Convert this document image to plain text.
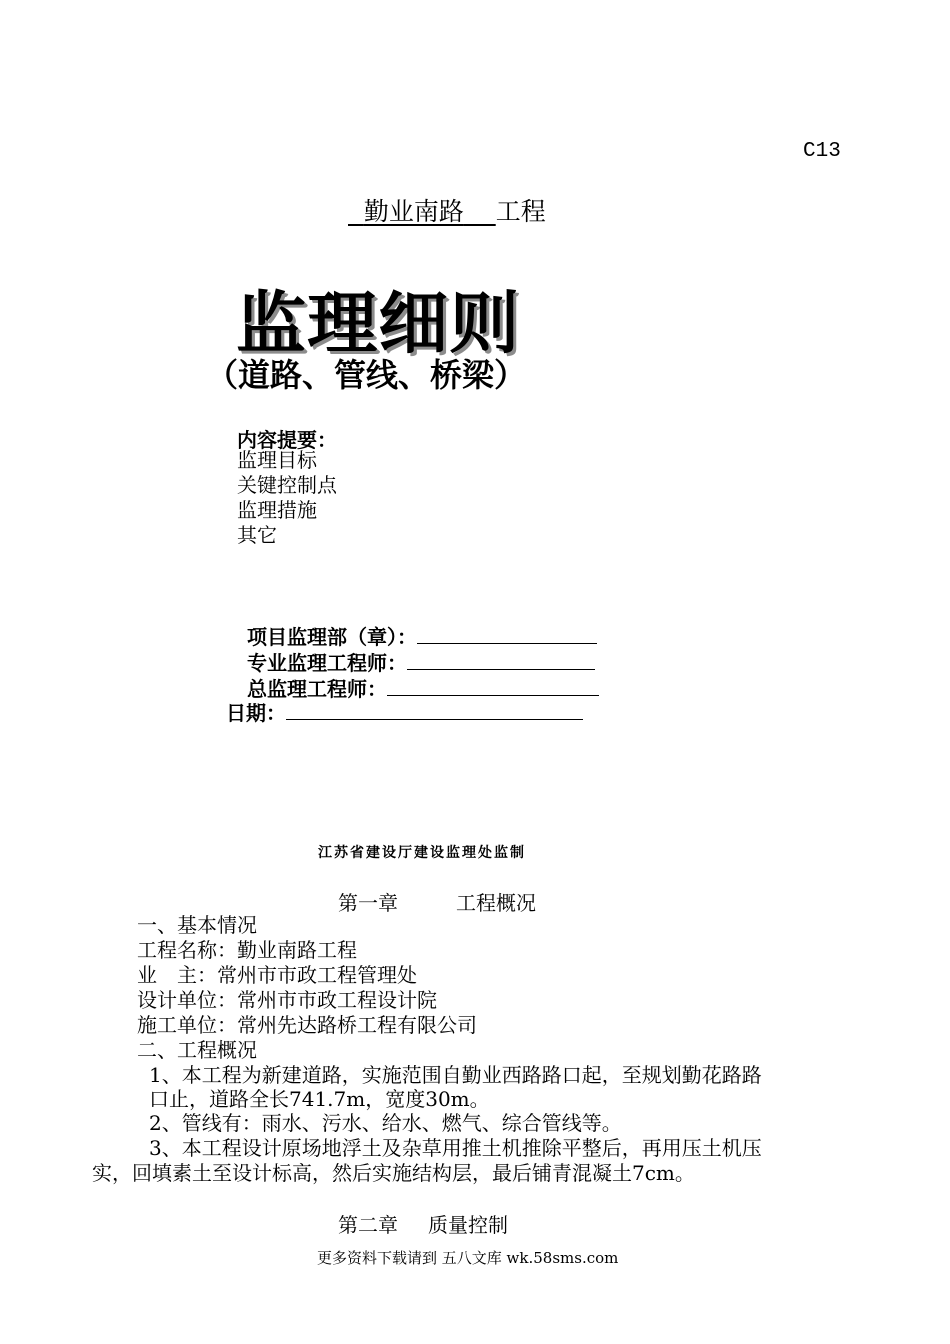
C13
勤业南路 工程
监理细则
（道路、管线、桥梁）
内容提要：
监理目标
关键控制点
监理措施
其它
项目监理部（章）：
专业监理工程师：
总监理工程师：
日期：
江苏省建设厅建设监理处监制
第一章	工程概况
一、基本情况
工程名称：勤业南路工程
业　主：常州市市政工程管理处
设计单位：常州市市政工程设计院
施工单位：常州先达路桥工程有限公司
二、工程概况
1、本工程为新建道路，实施范围自勤业西路路口起，至规划勤花路路
口止，道路全长741.7m，宽度30m。
2、管线有：雨水、污水、给水、燃气、综合管线等。
3、本工程设计原场地浮土及杂草用推土机推除平整后，再用压土机压
实，回填素土至设计标高，然后实施结构层，最后铺青混凝土7cm。
第二章 质量控制
更多资料下载请到 五八文库 wk.58sms.com
